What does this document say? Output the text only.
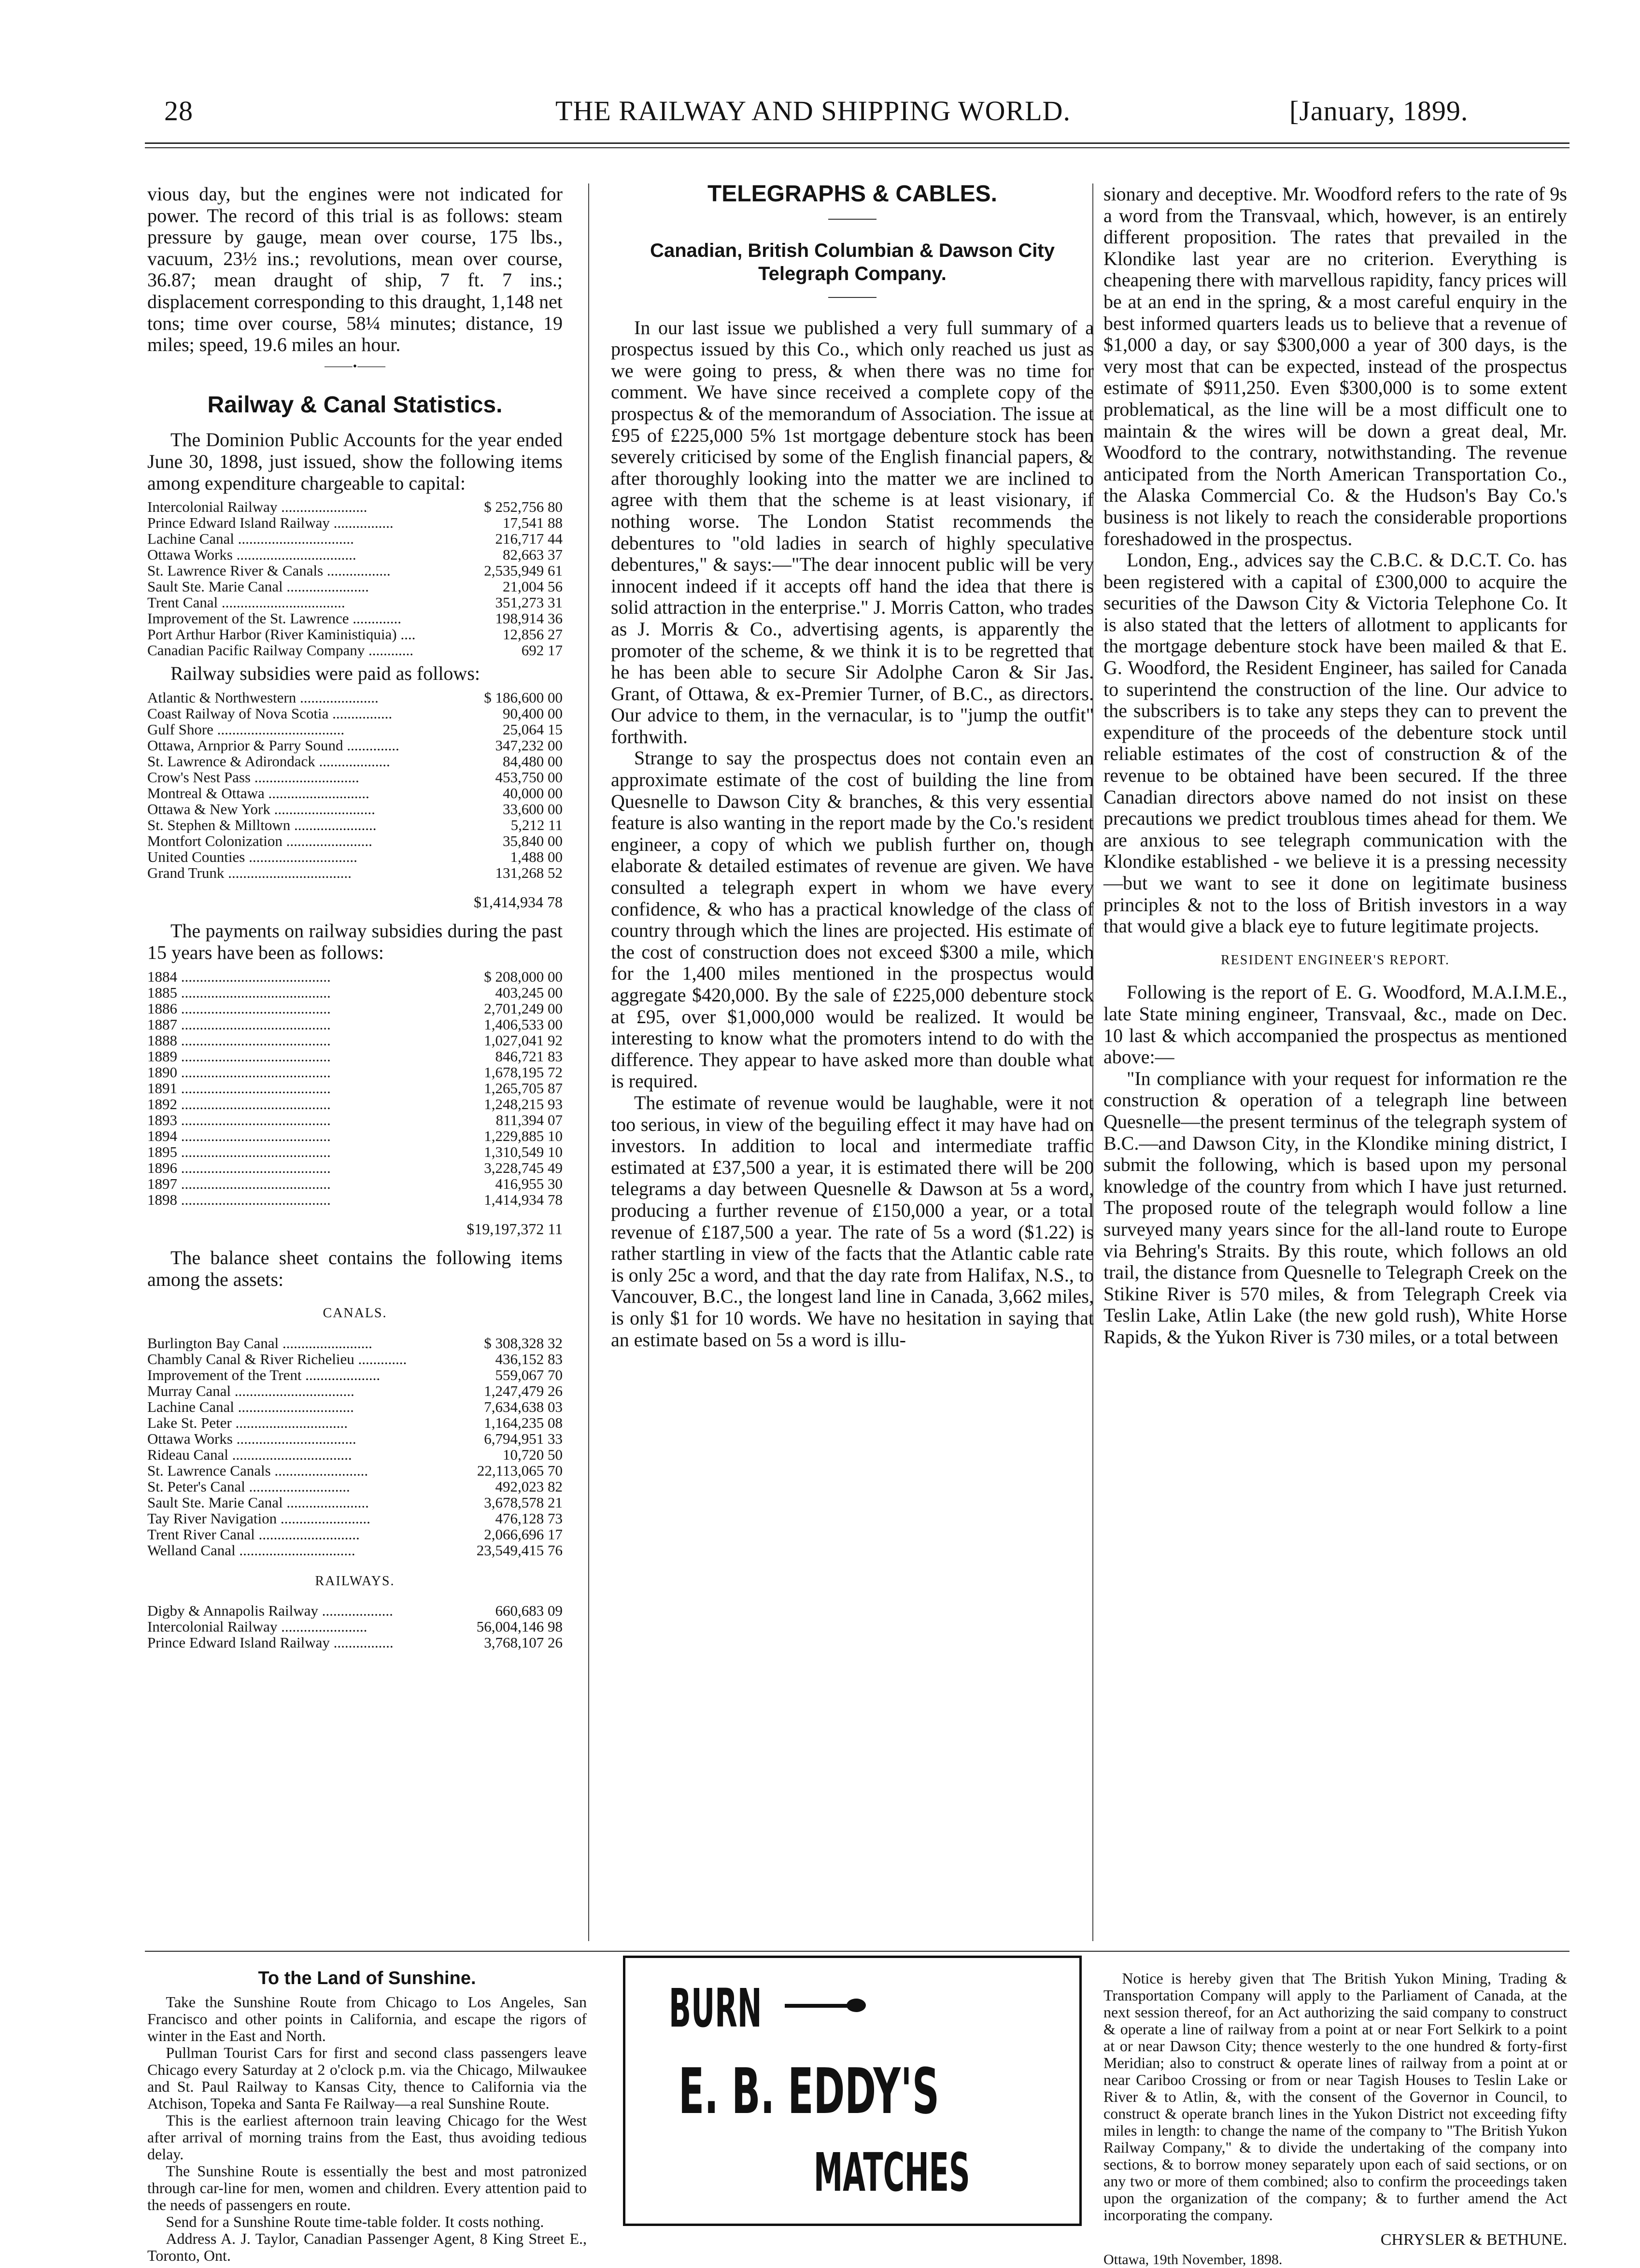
28	THE RAILWAY AND SHIPPING WORLD.	[January, 1899.

vious day, but the engines were not indicated for power. The record of this trial is as follows: steam pressure by gauge, mean over course, 175 lbs., vacuum, 23½ ins.; revolutions, mean over course, 36.87; mean draught of ship, 7 ft. 7 ins.; displacement corresponding to this draught, 1,148 net tons; time over course, 58¼ minutes; distance, 19 miles; speed, 19.6 miles an hour.

⸻•⸻
Railway & Canal Statistics.

The Dominion Public Accounts for the year ended June 30, 1898, just issued, show the following items among expenditure chargeable to capital:

Intercolonial Railway .......................	$ 252,756 80
Prince Edward Island Railway ................	17,541 88
Lachine Canal ...............................	216,717 44
Ottawa Works ................................	82,663 37
St. Lawrence River & Canals .................	2,535,949 61
Sault Ste. Marie Canal ......................	21,004 56
Trent Canal .................................	351,273 31
Improvement of the St. Lawrence .............	198,914 36
Port Arthur Harbor (River Kaministiquia) ....	12,856 27
Canadian Pacific Railway Company ............	692 17

Railway subsidies were paid as follows:

Atlantic & Northwestern .....................	$ 186,600 00
Coast Railway of Nova Scotia ................	90,400 00
Gulf Shore ..................................	25,064 15
Ottawa, Arnprior & Parry Sound ..............	347,232 00
St. Lawrence & Adirondack ...................	84,480 00
Crow's Nest Pass ............................	453,750 00
Montreal & Ottawa ...........................	40,000 00
Ottawa & New York ...........................	33,600 00
St. Stephen & Milltown ......................	5,212 11
Montfort Colonization .......................	35,840 00
United Counties .............................	1,488 00
Grand Trunk .................................	131,268 52
$1,414,934 78

The payments on railway subsidies during the past 15 years have been as follows:

1884 ........................................	$ 208,000 00
1885 ........................................	403,245 00
1886 ........................................	2,701,249 00
1887 ........................................	1,406,533 00
1888 ........................................	1,027,041 92
1889 ........................................	846,721 83
1890 ........................................	1,678,195 72
1891 ........................................	1,265,705 87
1892 ........................................	1,248,215 93
1893 ........................................	811,394 07
1894 ........................................	1,229,885 10
1895 ........................................	1,310,549 10
1896 ........................................	3,228,745 49
1897 ........................................	416,955 30
1898 ........................................	1,414,934 78
$19,197,372 11

The balance sheet contains the following items among the assets:

CANALS.
Burlington Bay Canal ........................	$ 308,328 32
Chambly Canal & River Richelieu .............	436,152 83
Improvement of the Trent ....................	559,067 70
Murray Canal ................................	1,247,479 26
Lachine Canal ...............................	7,634,638 03
Lake St. Peter ..............................	1,164,235 08
Ottawa Works ................................	6,794,951 33
Rideau Canal ................................	10,720 50
St. Lawrence Canals .........................	22,113,065 70
St. Peter's Canal ...........................	492,023 82
Sault Ste. Marie Canal ......................	3,678,578 21
Tay River Navigation ........................	476,128 73
Trent River Canal ...........................	2,066,696 17
Welland Canal ...............................	23,549,415 76
RAILWAYS.
Digby & Annapolis Railway ...................	660,683 09
Intercolonial Railway .......................	56,004,146 98
Prince Edward Island Railway ................	3,768,107 26
TELEGRAPHS & CABLES.
Canadian, British Columbian & Dawson City Telegraph Company.

In our last issue we published a very full summary of a prospectus issued by this Co., which only reached us just as we were going to press, & when there was no time for comment. We have since received a complete copy of the prospectus & of the memorandum of Association. The issue at £95 of £225,000 5% 1st mortgage debenture stock has been severely criticised by some of the English financial papers, & after thoroughly looking into the matter we are inclined to agree with them that the scheme is at least visionary, if nothing worse. The London Statist recommends the debentures to "old ladies in search of highly speculative debentures," & says:—"The dear innocent public will be very innocent indeed if it accepts off hand the idea that there is solid attraction in the enterprise." J. Morris Catton, who trades as J. Morris & Co., advertising agents, is apparently the promoter of the scheme, & we think it is to be regretted that he has been able to secure Sir Adolphe Caron & Sir Jas. Grant, of Ottawa, & ex-Premier Turner, of B.C., as directors. Our advice to them, in the vernacular, is to "jump the outfit" forthwith.

Strange to say the prospectus does not contain even an approximate estimate of the cost of building the line from Quesnelle to Dawson City & branches, & this very essential feature is also wanting in the report made by the Co.'s resident engineer, a copy of which we publish further on, though elaborate & detailed estimates of revenue are given. We have consulted a telegraph expert in whom we have every confidence, & who has a practical knowledge of the class of country through which the lines are projected. His estimate of the cost of construction does not exceed $300 a mile, which for the 1,400 miles mentioned in the prospectus would aggregate $420,000. By the sale of £225,000 debenture stock at £95, over $1,000,000 would be realized. It would be interesting to know what the promoters intend to do with the difference. They appear to have asked more than double what is required.

The estimate of revenue would be laughable, were it not too serious, in view of the beguiling effect it may have had on investors. In addition to local and intermediate traffic estimated at £37,500 a year, it is estimated there will be 200 telegrams a day between Quesnelle & Dawson at 5s a word, producing a further revenue of £150,000 a year, or a total revenue of £187,500 a year. The rate of 5s a word ($1.22) is rather startling in view of the facts that the Atlantic cable rate is only 25c a word, and that the day rate from Halifax, N.S., to Vancouver, B.C., the longest land line in Canada, 3,662 miles, is only $1 for 10 words. We have no hesitation in saying that an estimate based on 5s a word is illu-

sionary and deceptive. Mr. Woodford refers to the rate of 9s a word from the Transvaal, which, however, is an entirely different proposition. The rates that prevailed in the Klondike last year are no criterion. Everything is cheapening there with marvellous rapidity, fancy prices will be at an end in the spring, & a most careful enquiry in the best informed quarters leads us to believe that a revenue of $1,000 a day, or say $300,000 a year of 300 days, is the very most that can be expected, instead of the prospectus estimate of $911,250. Even $300,000 is to some extent problematical, as the line will be a most difficult one to maintain & the wires will be down a great deal, Mr. Woodford to the contrary, notwithstanding. The revenue anticipated from the North American Transportation Co., the Alaska Commercial Co. & the Hudson's Bay Co.'s business is not likely to reach the considerable proportions foreshadowed in the prospectus.

London, Eng., advices say the C.B.C. & D.C.T. Co. has been registered with a capital of £300,000 to acquire the securities of the Dawson City & Victoria Telephone Co. It is also stated that the letters of allotment to applicants for the mortgage debenture stock have been mailed & that E. G. Woodford, the Resident Engineer, has sailed for Canada to superintend the construction of the line. Our advice to the subscribers is to take any steps they can to prevent the expenditure of the proceeds of the debenture stock until reliable estimates of the cost of construction & of the revenue to be obtained have been secured. If the three Canadian directors above named do not insist on these precautions we predict troublous times ahead for them. We are anxious to see telegraph communication with the Klondike established - we believe it is a pressing necessity—but we want to see it done on legitimate business principles & not to the loss of British investors in a way that would give a black eye to future legitimate projects.

RESIDENT ENGINEER'S REPORT.

Following is the report of E. G. Woodford, M.A.I.M.E., late State mining engineer, Transvaal, &c., made on Dec. 10 last & which accompanied the prospectus as mentioned above:—

"In compliance with your request for information re the construction & operation of a telegraph line between Quesnelle—the present terminus of the telegraph system of B.C.—and Dawson City, in the Klondike mining district, I submit the following, which is based upon my personal knowledge of the country from which I have just returned. The proposed route of the telegraph would follow a line surveyed many years since for the all-land route to Europe via Behring's Straits. By this route, which follows an old trail, the distance from Quesnelle to Telegraph Creek on the Stikine River is 570 miles, & from Telegraph Creek via Teslin Lake, Atlin Lake (the new gold rush), White Horse Rapids, & the Yukon River is 730 miles, or a total between

To the Land of Sunshine.

Take the Sunshine Route from Chicago to Los Angeles, San Francisco and other points in California, and escape the rigors of winter in the East and North.

Pullman Tourist Cars for first and second class passengers leave Chicago every Saturday at 2 o'clock p.m. via the Chicago, Milwaukee and St. Paul Railway to Kansas City, thence to California via the Atchison, Topeka and Santa Fe Railway—a real Sunshine Route.

This is the earliest afternoon train leaving Chicago for the West after arrival of morning trains from the East, thus avoiding tedious delay.

The Sunshine Route is essentially the best and most patronized through car-line for men, women and children. Every attention paid to the needs of passengers en route.

Send for a Sunshine Route time-table folder. It costs nothing.

Address A. J. Taylor, Canadian Passenger Agent, 8 King Street E., Toronto, Ont.

BURN
E. B. EDDY'S
MATCHES

Notice is hereby given that The British Yukon Mining, Trading & Transportation Company will apply to the Parliament of Canada, at the next session thereof, for an Act authorizing the said company to construct & operate a line of railway from a point at or near Fort Selkirk to a point at or near Dawson City; thence westerly to the one hundred & forty-first Meridian; also to construct & operate lines of railway from a point at or near Cariboo Crossing or from or near Tagish Houses to Teslin Lake or River & to Atlin, &, with the consent of the Governor in Council, to construct & operate branch lines in the Yukon District not exceeding fifty miles in length: to change the name of the company to "The British Yukon Railway Company," & to divide the undertaking of the company into sections, & to borrow money separately upon each of said sections, or on any two or more of them combined; also to confirm the proceedings taken upon the organization of the company; & to further amend the Act incorporating the company.

CHRYSLER & BETHUNE.
Ottawa, 19th November, 1898.
